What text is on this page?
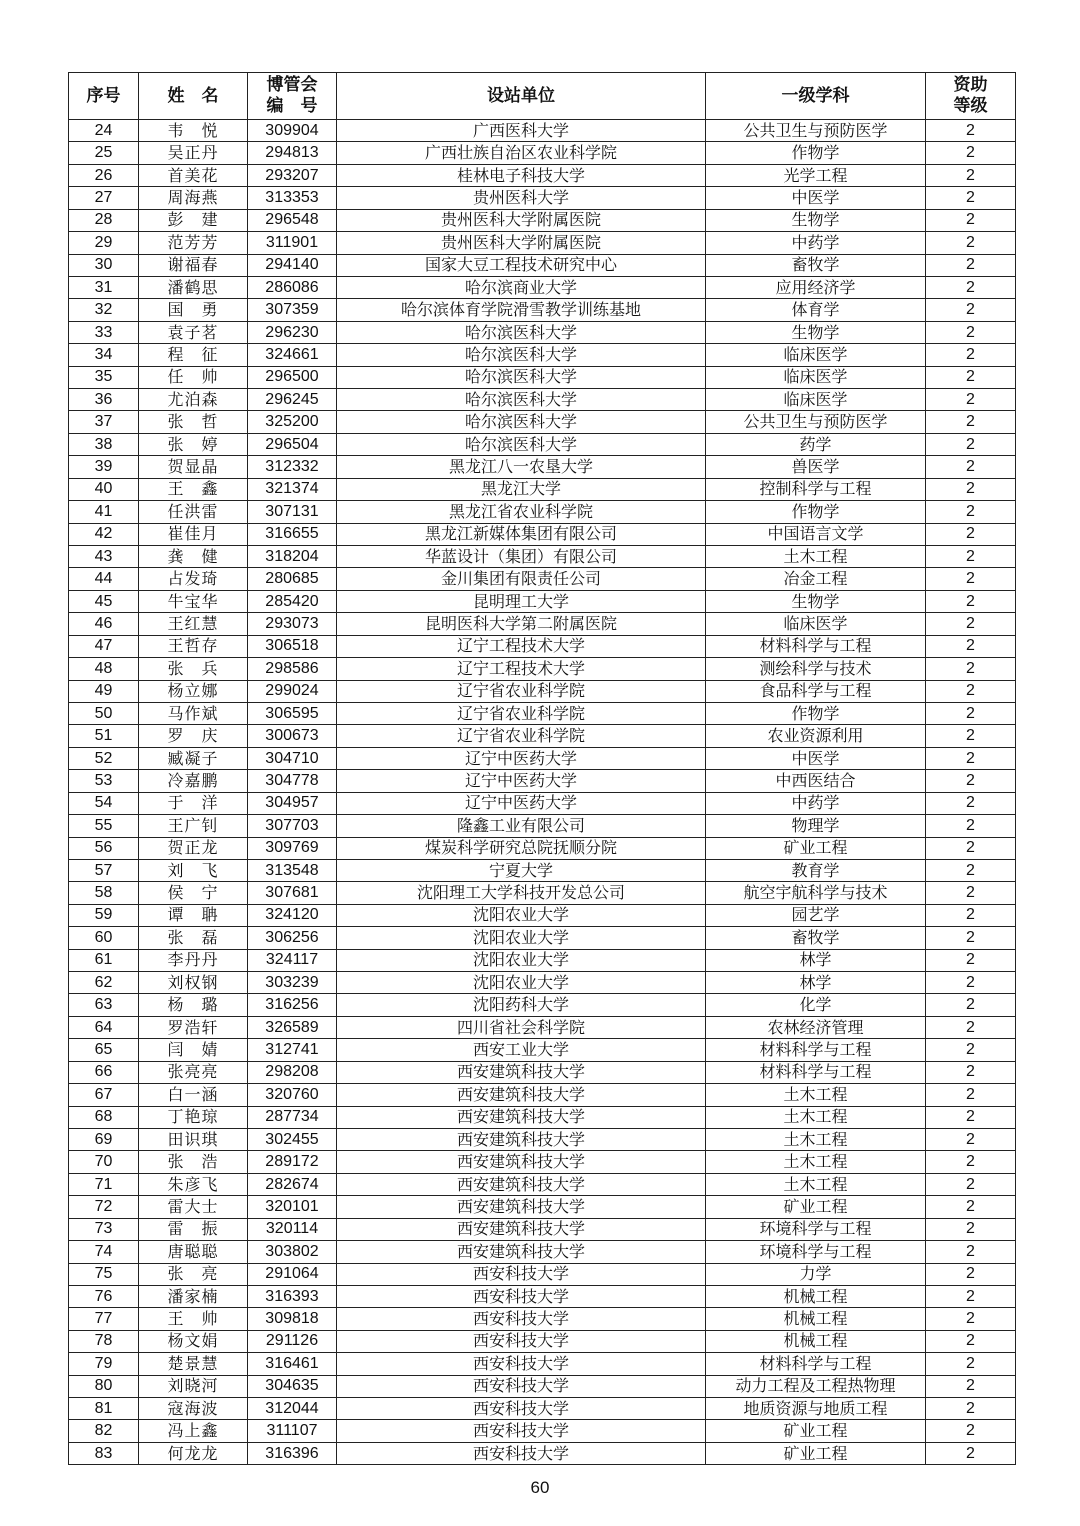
序号	姓　名	博管会
编　号	设站单位	一级学科	资助
等级

24	韦　悦	309904	广西医科大学	公共卫生与预防医学	2
25	吴正丹	294813	广西壮族自治区农业科学院	作物学	2
26	首美花	293207	桂林电子科技大学	光学工程	2
27	周海燕	313353	贵州医科大学	中医学	2
28	彭　建	296548	贵州医科大学附属医院	生物学	2
29	范芳芳	311901	贵州医科大学附属医院	中药学	2
30	谢福春	294140	国家大豆工程技术研究中心	畜牧学	2
31	潘鹤思	286086	哈尔滨商业大学	应用经济学	2
32	国　勇	307359	哈尔滨体育学院滑雪教学训练基地	体育学	2
33	袁子茗	296230	哈尔滨医科大学	生物学	2
34	程　征	324661	哈尔滨医科大学	临床医学	2
35	任　帅	296500	哈尔滨医科大学	临床医学	2
36	尤泊森	296245	哈尔滨医科大学	临床医学	2
37	张　哲	325200	哈尔滨医科大学	公共卫生与预防医学	2
38	张　婷	296504	哈尔滨医科大学	药学	2
39	贺显晶	312332	黑龙江八一农垦大学	兽医学	2
40	王　鑫	321374	黑龙江大学	控制科学与工程	2
41	任洪雷	307131	黑龙江省农业科学院	作物学	2
42	崔佳月	316655	黑龙江新媒体集团有限公司	中国语言文学	2
43	龚　健	318204	华蓝设计（集团）有限公司	土木工程	2
44	占发琦	280685	金川集团有限责任公司	冶金工程	2
45	牛宝华	285420	昆明理工大学	生物学	2
46	王红慧	293073	昆明医科大学第二附属医院	临床医学	2
47	王哲存	306518	辽宁工程技术大学	材料科学与工程	2
48	张　兵	298586	辽宁工程技术大学	测绘科学与技术	2
49	杨立娜	299024	辽宁省农业科学院	食品科学与工程	2
50	马作斌	306595	辽宁省农业科学院	作物学	2
51	罗　庆	300673	辽宁省农业科学院	农业资源利用	2
52	臧凝子	304710	辽宁中医药大学	中医学	2
53	冷嘉鹏	304778	辽宁中医药大学	中西医结合	2
54	于　洋	304957	辽宁中医药大学	中药学	2
55	王广钊	307703	隆鑫工业有限公司	物理学	2
56	贺正龙	309769	煤炭科学研究总院抚顺分院	矿业工程	2
57	刘　飞	313548	宁夏大学	教育学	2
58	侯　宁	307681	沈阳理工大学科技开发总公司	航空宇航科学与技术	2
59	谭　聃	324120	沈阳农业大学	园艺学	2
60	张　磊	306256	沈阳农业大学	畜牧学	2
61	李丹丹	324117	沈阳农业大学	林学	2
62	刘权钢	303239	沈阳农业大学	林学	2
63	杨　璐	316256	沈阳药科大学	化学	2
64	罗浩轩	326589	四川省社会科学院	农林经济管理	2
65	闫　婧	312741	西安工业大学	材料科学与工程	2
66	张亮亮	298208	西安建筑科技大学	材料科学与工程	2
67	白一涵	320760	西安建筑科技大学	土木工程	2
68	丁艳琼	287734	西安建筑科技大学	土木工程	2
69	田识琪	302455	西安建筑科技大学	土木工程	2
70	张　浩	289172	西安建筑科技大学	土木工程	2
71	朱彦飞	282674	西安建筑科技大学	土木工程	2
72	雷大士	320101	西安建筑科技大学	矿业工程	2
73	雷　振	320114	西安建筑科技大学	环境科学与工程	2
74	唐聪聪	303802	西安建筑科技大学	环境科学与工程	2
75	张　亮	291064	西安科技大学	力学	2
76	潘家楠	316393	西安科技大学	机械工程	2
77	王　帅	309818	西安科技大学	机械工程	2
78	杨文娟	291126	西安科技大学	机械工程	2
79	楚景慧	316461	西安科技大学	材料科学与工程	2
80	刘晓河	304635	西安科技大学	动力工程及工程热物理	2
81	寇海波	312044	西安科技大学	地质资源与地质工程	2
82	冯上鑫	311107	西安科技大学	矿业工程	2
83	何龙龙	316396	西安科技大学	矿业工程	2
60
